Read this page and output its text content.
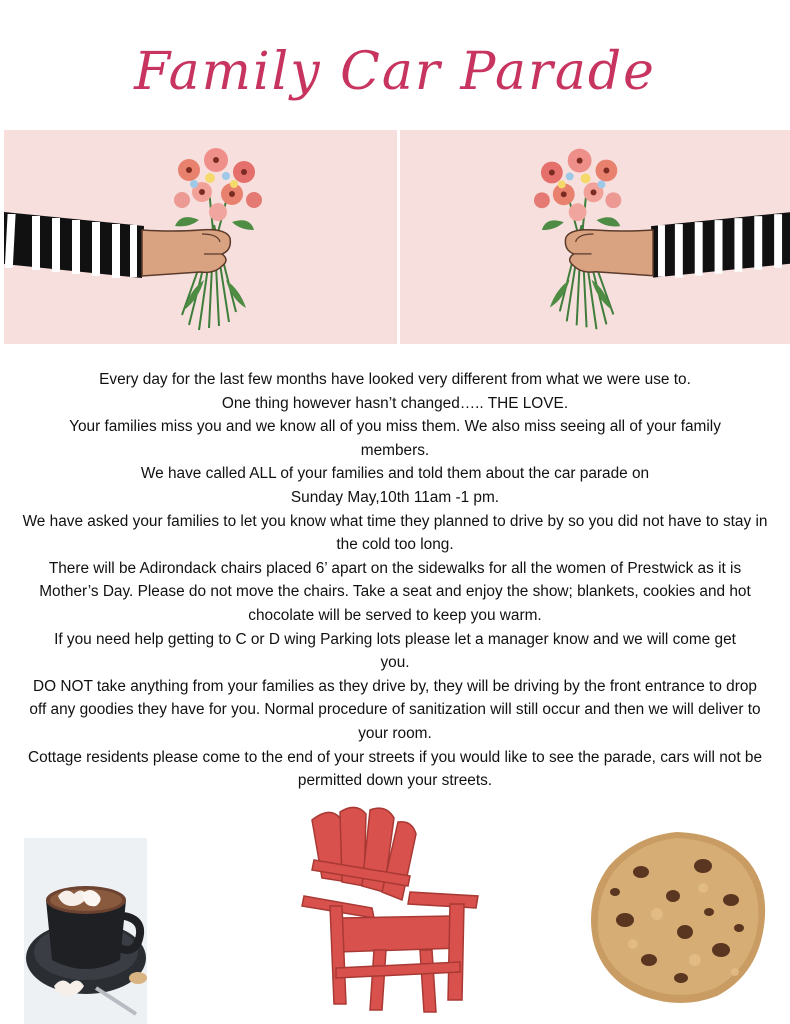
Family Car Parade

Every day for the last few months have looked very different from what we were use to.

One thing however hasn’t changed….. THE LOVE.

Your families miss you and we know all of you miss them. We also miss seeing all of your family members.

We have called ALL of your families and told them about the car parade on

Sunday May,10th 11am -1 pm.

We have asked your families to let you know what time they planned to drive by so you did not have to stay in the cold too long.

There will be Adirondack chairs placed 6’ apart on the sidewalks for all the women of Prestwick as it is Mother’s Day. Please do not move the chairs. Take a seat and enjoy the show; blankets, cookies and hot chocolate will be served to keep you warm.

If you need help getting to C or D wing Parking lots please let a manager know and we will come get you.

DO NOT take anything from your families as they drive by, they will be driving by the front entrance to drop off any goodies they have for you. Normal procedure of sanitization will still occur and then we will deliver to your room.

Cottage residents please come to the end of your streets if you would like to see the parade, cars will not be permitted down your streets.
